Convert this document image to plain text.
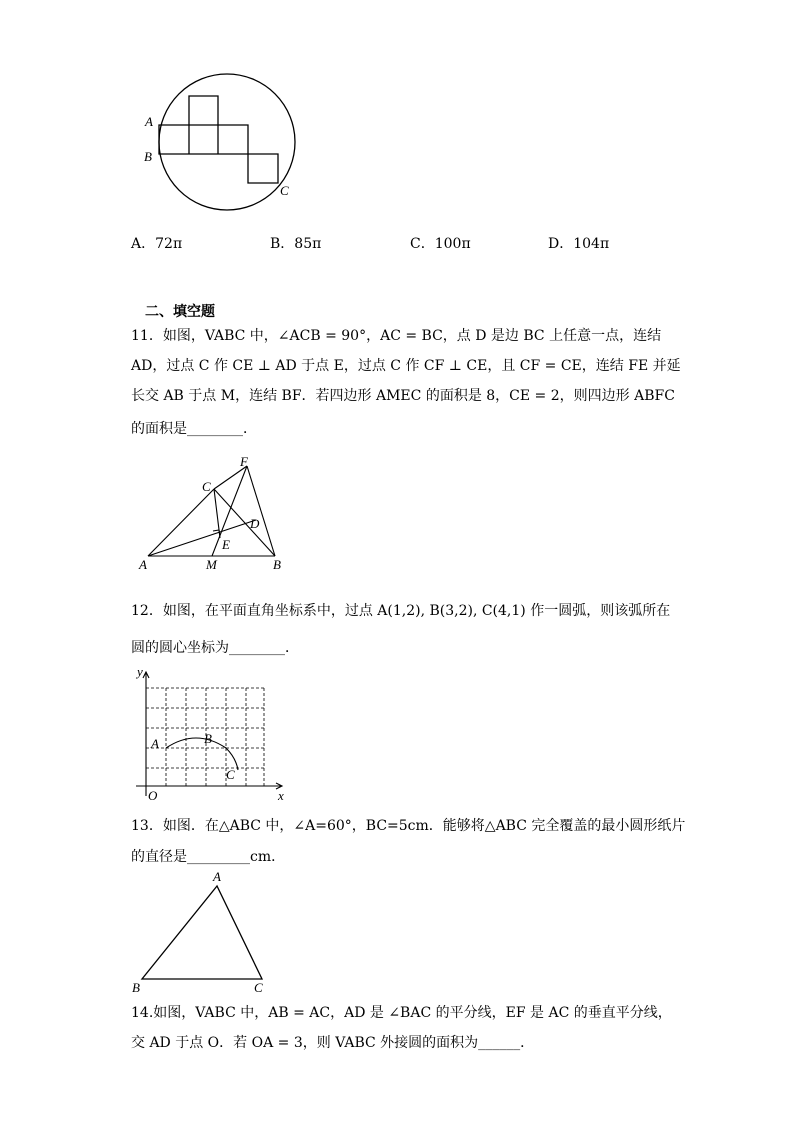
A
B
C
A．72π	B．85π	C．100π	D．104π
二、填空题
11．如图，VABC 中，∠ACB = 90°，AC = BC，点 D 是边 BC 上任意一点，连结
AD，过点 C 作 CE ⊥ AD 于点 E，过点 C 作 CF ⊥ CE，且 CF = CE，连结 FE 并延
长交 AB 于点 M，连结 BF．若四边形 AMEC 的面积是 8，CE = 2，则四边形 ABFC
的面积是________．
F
C
D
E
A	M	B
12．如图，在平面直角坐标系中，过点 A(1,2), B(3,2), C(4,1) 作一圆弧，则该弧所在
圆的圆心坐标为________．
y
x
O
A	B
C
13．如图．在△ABC 中，∠A=60°，BC=5cm．能够将△ABC 完全覆盖的最小圆形纸片
的直径是_________cm．
A
B	C
14.如图，VABC 中，AB = AC，AD 是 ∠BAC 的平分线，EF 是 AC 的垂直平分线，
交 AD 于点 O．若 OA = 3，则 VABC 外接圆的面积为______．
